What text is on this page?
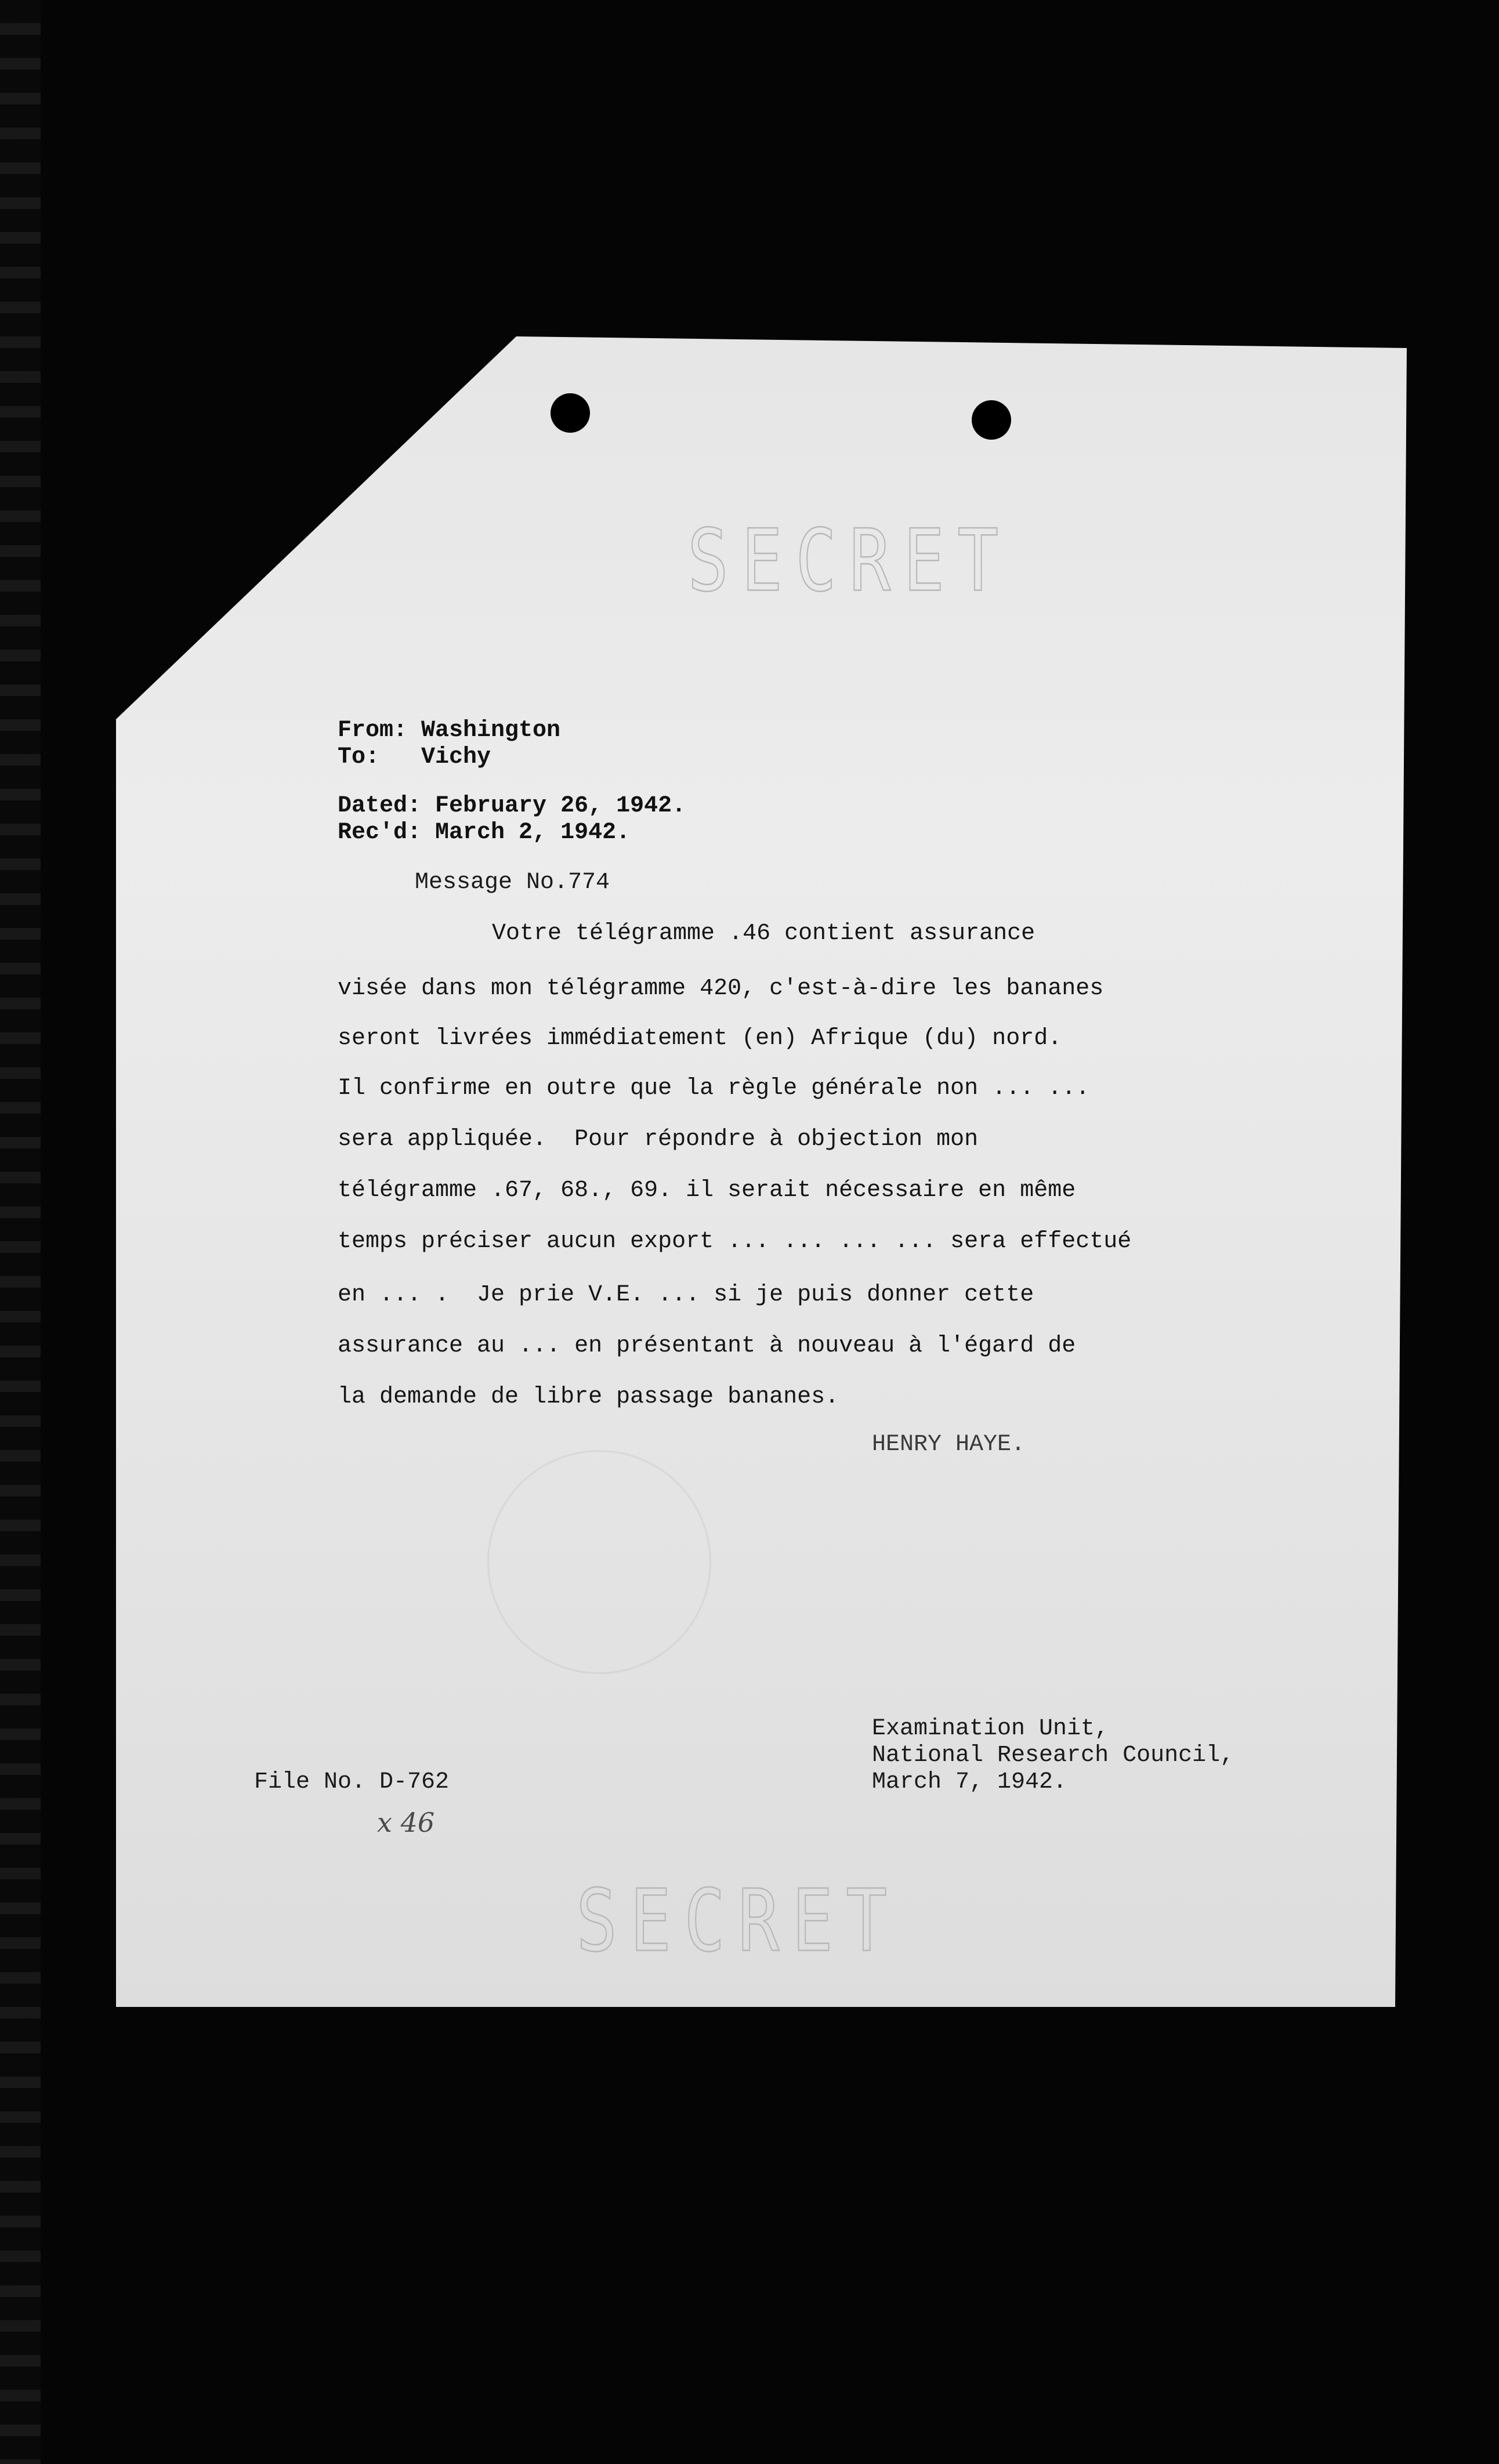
SECRET
From: Washington
To:   Vichy
Dated: February 26, 1942.
Rec'd: March 2, 1942.
Message No.774
Votre télégramme .46 contient assurance
visée dans mon télégramme 420, c'est-à-dire les bananes
seront livrées immédiatement (en) Afrique (du) nord.
Il confirme en outre que la règle générale non ... ...
sera appliquée.  Pour répondre à objection mon
télégramme .67, 68., 69. il serait nécessaire en même
temps préciser aucun export ... ... ... ... sera effectué
en ... .  Je prie V.E. ... si je puis donner cette
assurance au ... en présentant à nouveau à l'égard de
la demande de libre passage bananes.
HENRY HAYE.
Examination Unit,
National Research Council,
March 7, 1942.
File No. D-762
x 46
SECRET
